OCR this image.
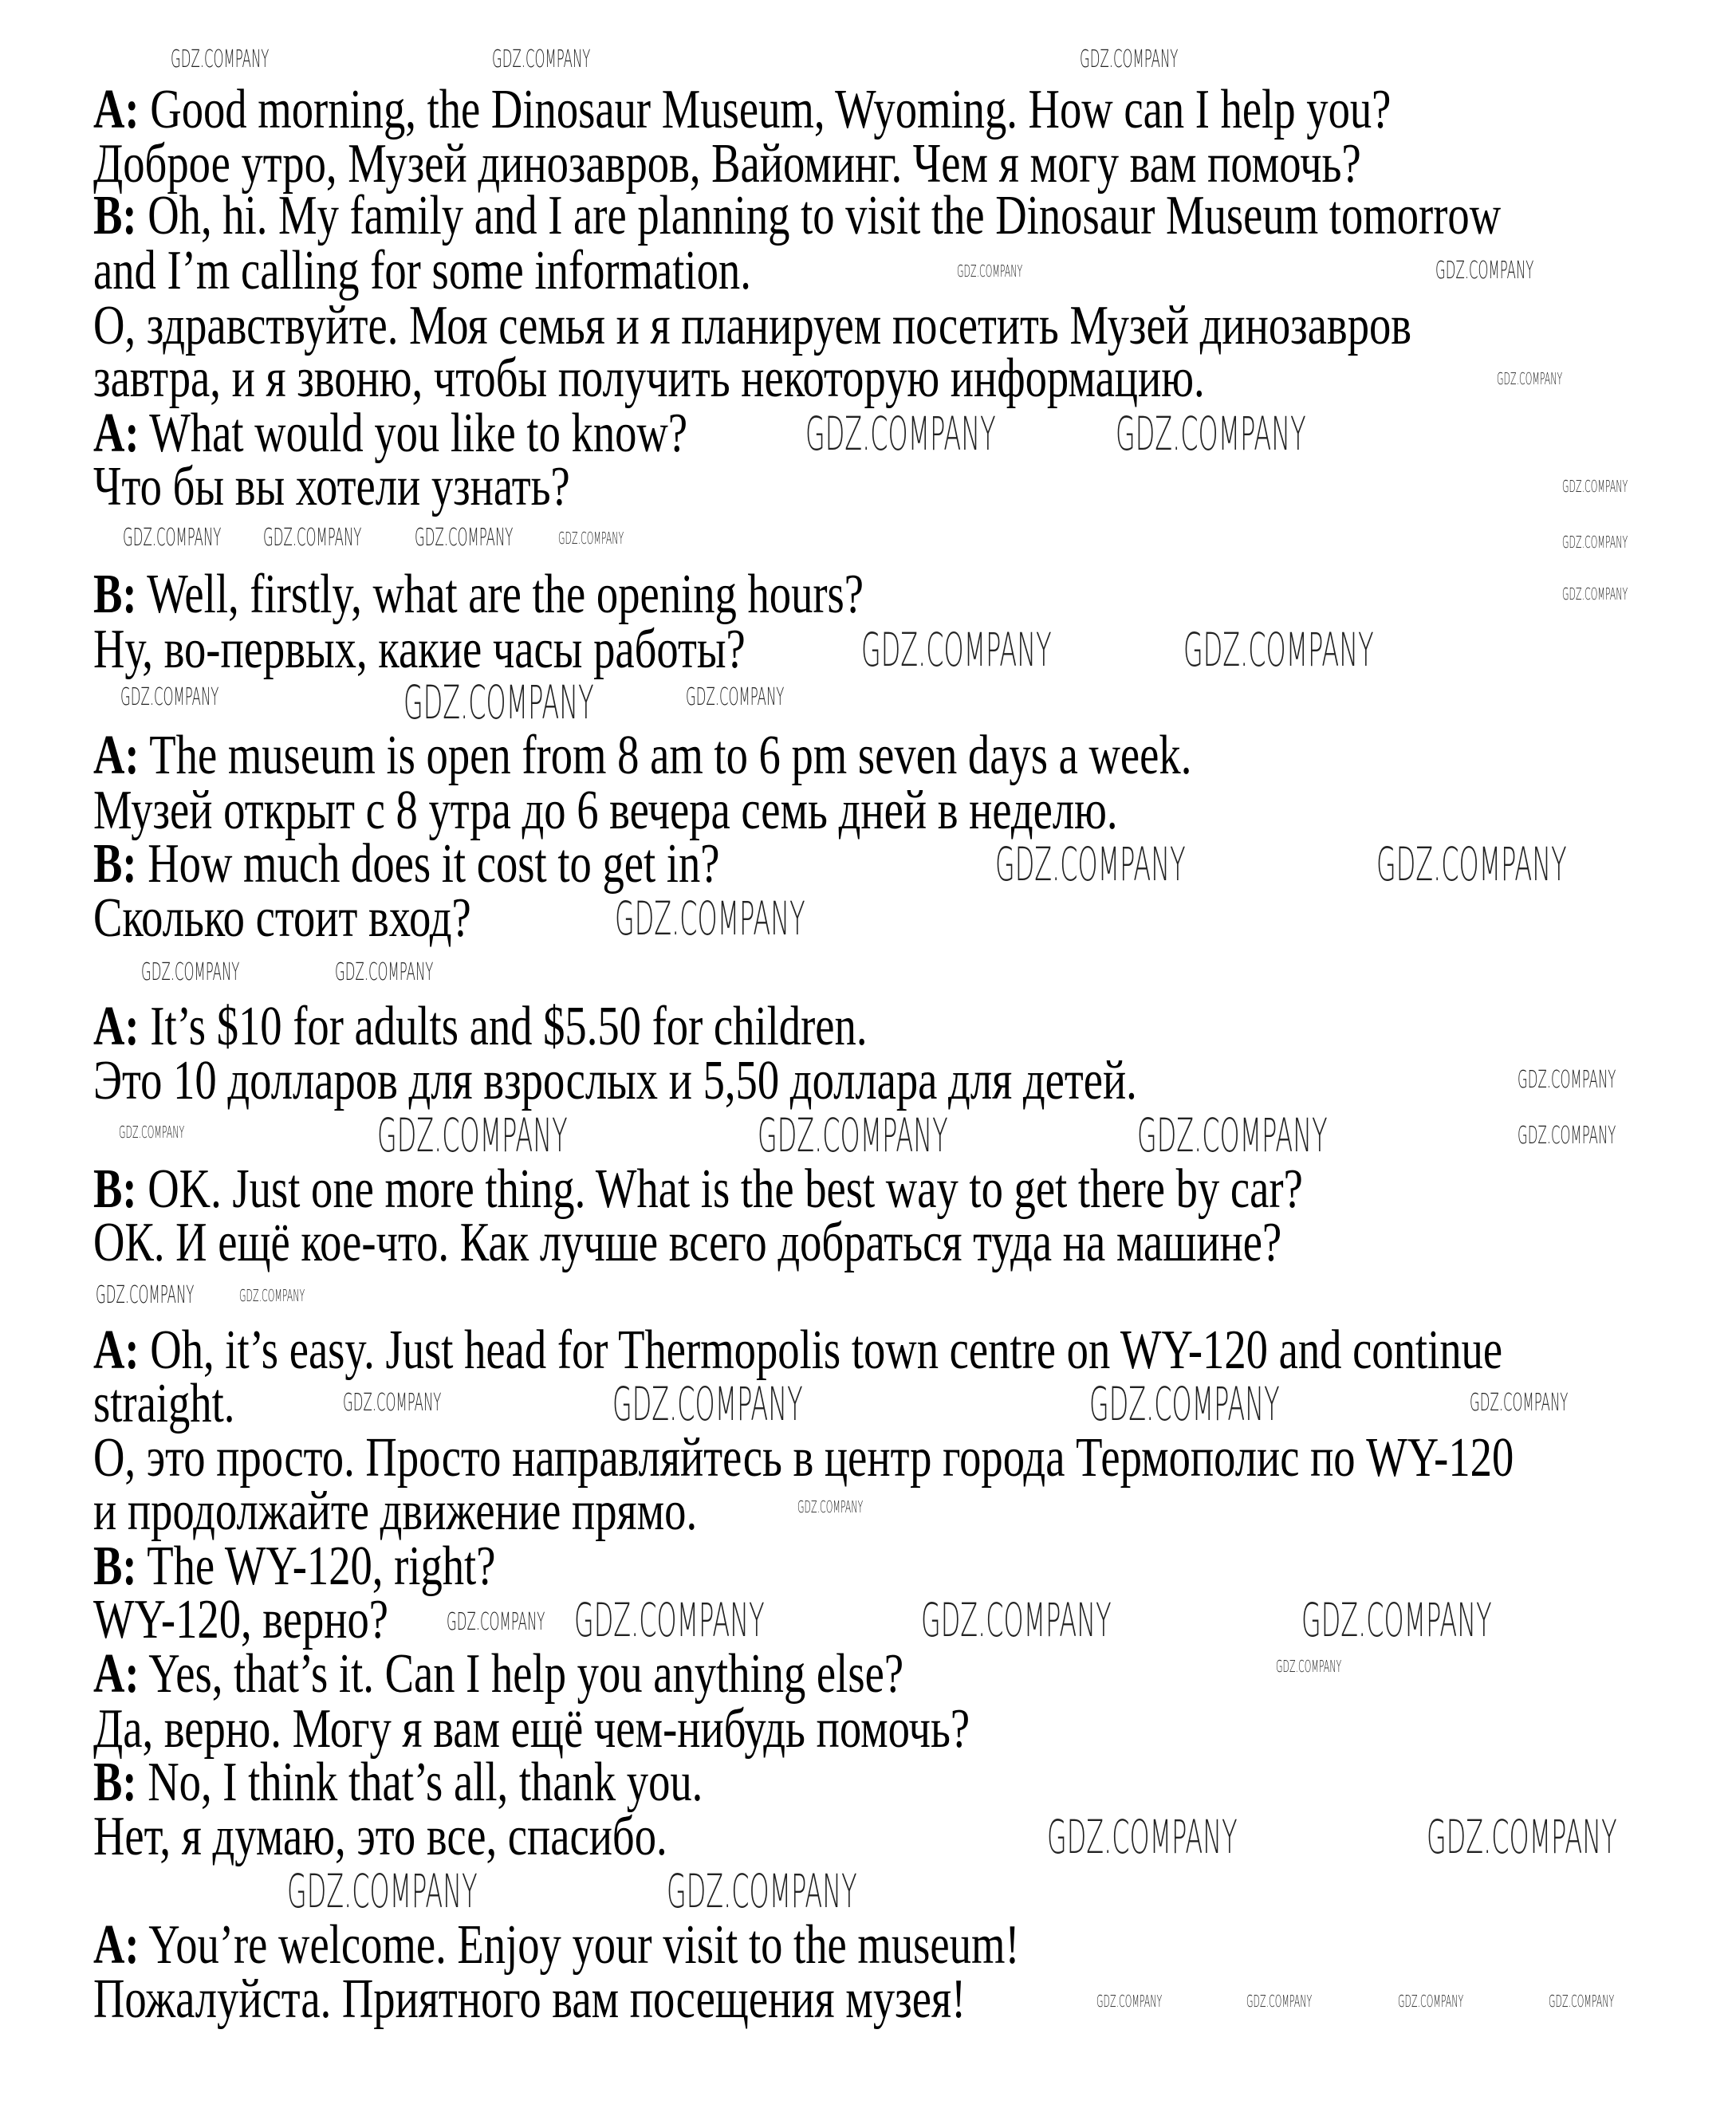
A: Good morning, the Dinosaur Museum, Wyoming. How can I help you?
Доброе утро, Музей динозавров, Вайоминг. Чем я могу вам помочь?
B: Oh, hi. My family and I are planning to visit the Dinosaur Museum tomorrow
and I’m calling for some information.
О, здравствуйте. Моя семья и я планируем посетить Музей динозавров
завтра, и я звоню, чтобы получить некоторую информацию.
A: What would you like to know?
Что бы вы хотели узнать?
B: Well, firstly, what are the opening hours?
Ну, во-первых, какие часы работы?
A: The museum is open from 8 am to 6 pm seven days a week.
Музей открыт с 8 утра до 6 вечера семь дней в неделю.
B: How much does it cost to get in?
Сколько стоит вход?
A: It’s $10 for adults and $5.50 for children.
Это 10 долларов для взрослых и 5,50 доллара для детей.
B: OK. Just one more thing. What is the best way to get there by car?
ОК. И ещё кое-что. Как лучше всего добраться туда на машине?
A: Oh, it’s easy. Just head for Thermopolis town centre on WY-120 and continue
straight.
О, это просто. Просто направляйтесь в центр города Термополис по WY-120
и продолжайте движение прямо.
B: The WY-120, right?
WY-120, верно?
A: Yes, that’s it. Can I help you anything else?
Да, верно. Могу я вам ещё чем-нибудь помочь?
B: No, I think that’s all, thank you.
Нет, я думаю, это все, спасибо.
A: You’re welcome. Enjoy your visit to the museum!
Пожалуйста. Приятного вам посещения музея!
GDZ.COMPANY	GDZ.COMPANY	GDZ.COMPANY
GDZ.COMPANY	GDZ.COMPANY
GDZ.COMPANY GDZ.COMPANY
GDZ.COMPANY
GDZ.COMPANY	GDZ.COMPANY
GDZ.COMPANY
GDZ.COMPANY
GDZ.COMPANY
GDZ.COMPANY	GDZ.COMPANY
GDZ.COMPANY	GDZ.COMPANY
GDZ.COMPANY
GDZ.COMPANY
GDZ.COMPANY
GDZ.COMPANY	GDZ.COMPANY
GDZ.COMPANY
GDZ.COMPANY
GDZ.COMPANY
GDZ.COMPANY
GDZ.COMPANY
GDZ.COMPANY	GDZ.COMPANY	GDZ.COMPANY	GDZ.COMPANY
GDZ.COMPANY	GDZ.COMPANY
GDZ.COMPANY	GDZ.COMPANY
GDZ.COMPANY
GDZ.COMPANY	GDZ.COMPANY
GDZ.COMPANY
GDZ.COMPANY	GDZ.COMPANY
GDZ.COMPANY
GDZ.COMPANY	GDZ.COMPANY
GDZ.COMPANY	GDZ.COMPANY	GDZ.COMPANY
GDZ.COMPANY	GDZ.COMPANY
GDZ.COMPANY	GDZ.COMPANY
